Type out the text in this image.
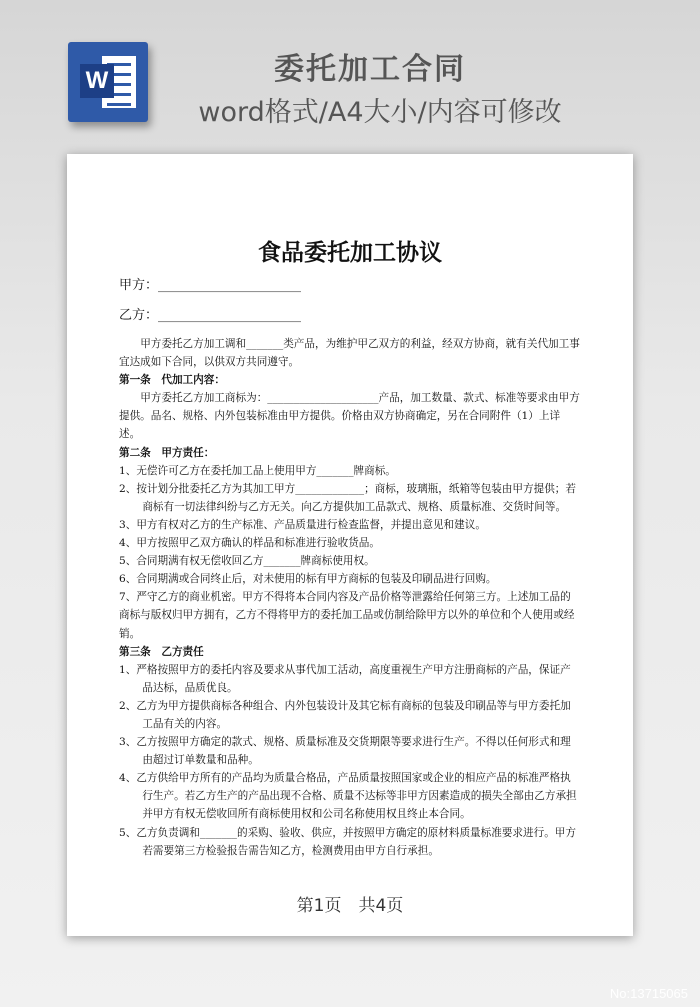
W	委托加工合同
word格式/A4大小/内容可修改
食品委托加工协议
甲方：______________________
乙方：______________________

甲方委托乙方加工调和_______类产品，为维护甲乙双方的利益，经双方协商，就有关代加工事宜达成如下合同，以供双方共同遵守。

第一条　代加工内容：

甲方委托乙方加工商标为：_____________________产品，加工数量、款式、标准等要求由甲方提供。品名、规格、内外包装标准由甲方提供。价格由双方协商确定，另在合同附件（1）上详述。

第二条　甲方责任：

1、无偿许可乙方在委托加工品上使用甲方_______牌商标。

2、按计划分批委托乙方为其加工甲方_____________；商标，玻璃瓶，纸箱等包装由甲方提供；若商标有一切法律纠纷与乙方无关。向乙方提供加工品款式、规格、质量标准、交货时间等。

3、甲方有权对乙方的生产标准、产品质量进行检查监督，并提出意见和建议。

4、甲方按照甲乙双方确认的样品和标准进行验收货品。

5、合同期满有权无偿收回乙方_______牌商标使用权。

6、合同期满或合同终止后，对未使用的标有甲方商标的包装及印刷品进行回购。

7、严守乙方的商业机密。甲方不得将本合同内容及产品价格等泄露给任何第三方。上述加工品的商标与版权归甲方拥有，乙方不得将甲方的委托加工品或仿制给除甲方以外的单位和个人使用或经销。

第三条　乙方责任

1、严格按照甲方的委托内容及要求从事代加工活动，高度重视生产甲方注册商标的产品，保证产品达标，品质优良。

2、乙方为甲方提供商标各种组合、内外包装设计及其它标有商标的包装及印刷品等与甲方委托加工品有关的内容。

3、乙方按照甲方确定的款式、规格、质量标准及交货期限等要求进行生产。不得以任何形式和理由超过订单数量和品种。

4、乙方供给甲方所有的产品均为质量合格品，产品质量按照国家或企业的相应产品的标准严格执行生产。若乙方生产的产品出现不合格、质量不达标等非甲方因素造成的损失全部由乙方承担并甲方有权无偿收回所有商标使用权和公司名称使用权且终止本合同。

5、乙方负责调和_______的采购、验收、供应，并按照甲方确定的原材料质量标准要求进行。甲方若需要第三方检验报告需告知乙方，检测费用由甲方自行承担。

第1页　共4页
No:13715065
